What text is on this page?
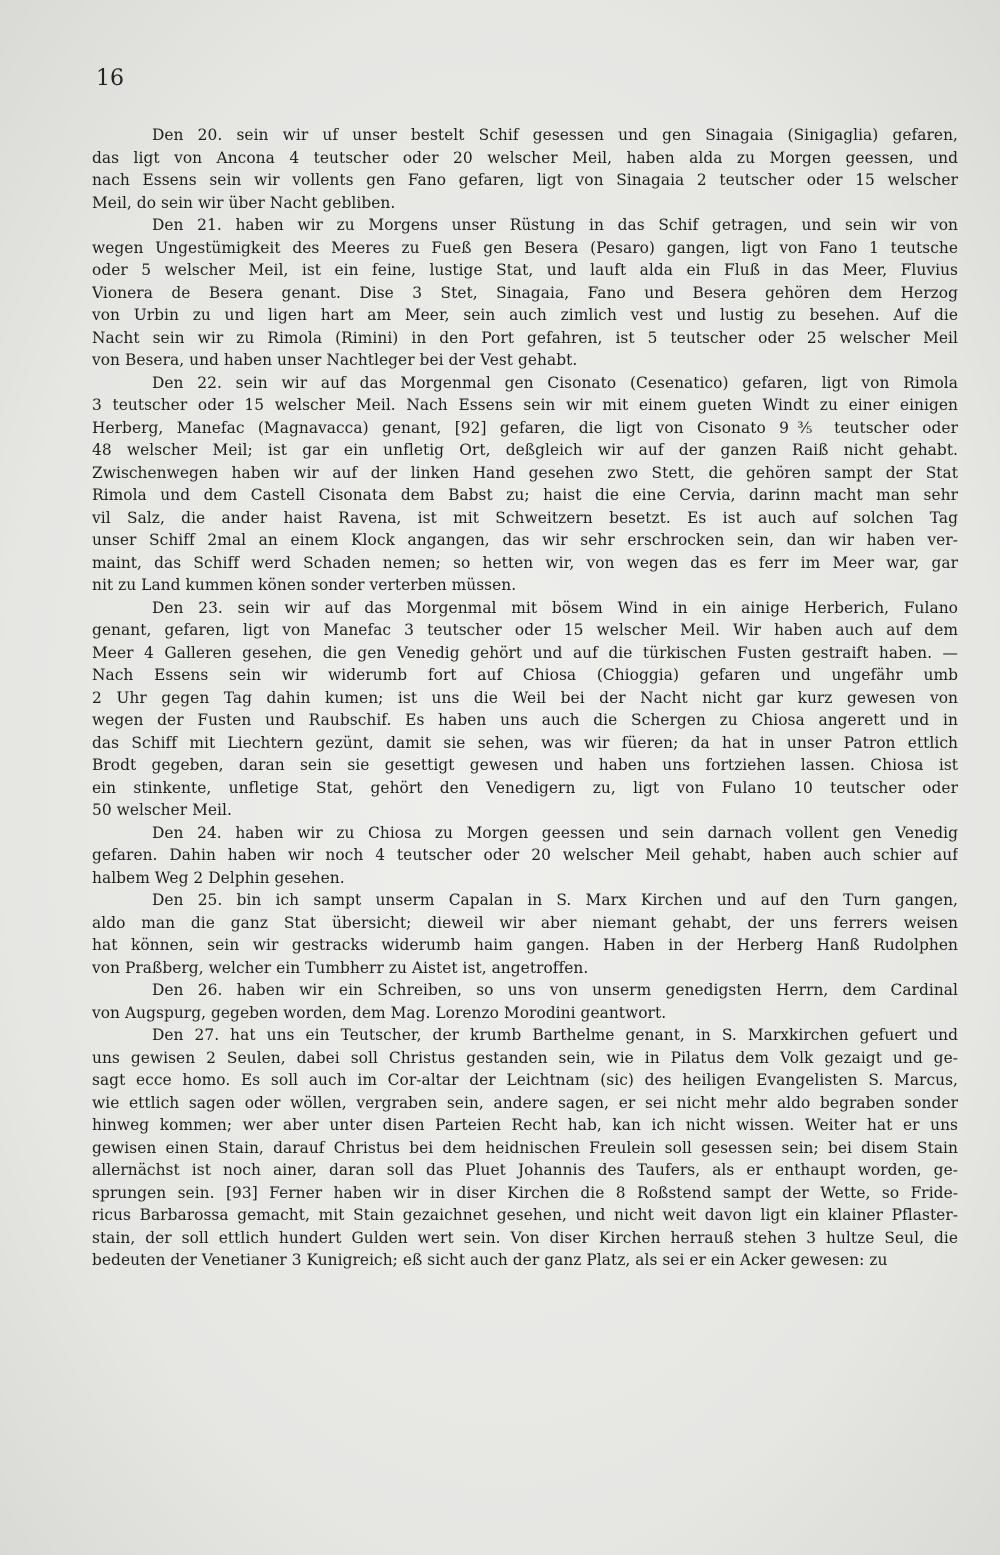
16
Den 20. sein wir uf unser bestelt Schif gesessen und gen Sinagaia (Sinigaglia) gefaren,
das ligt von Ancona 4 teutscher oder 20 welscher Meil, haben alda zu Morgen geessen, und
nach Essens sein wir vollents gen Fano gefaren, ligt von Sinagaia 2 teutscher oder 15 welscher
Meil, do sein wir über Nacht gebliben.
Den 21. haben wir zu Morgens unser Rüstung in das Schif getragen, und sein wir von
wegen Ungestümigkeit des Meeres zu Fueß gen Besera (Pesaro) gangen, ligt von Fano 1 teutsche
oder 5 welscher Meil, ist ein feine, lustige Stat, und lauft alda ein Fluß in das Meer, Fluvius
Vionera de Besera genant. Dise 3 Stet, Sinagaia, Fano und Besera gehören dem Herzog
von Urbin zu und ligen hart am Meer, sein auch zimlich vest und lustig zu besehen. Auf die
Nacht sein wir zu Rimola (Rimini) in den Port gefahren, ist 5 teutscher oder 25 welscher Meil
von Besera, und haben unser Nachtleger bei der Vest gehabt.
Den 22. sein wir auf das Morgenmal gen Cisonato (Cesenatico) gefaren, ligt von Rimola
3 teutscher oder 15 welscher Meil. Nach Essens sein wir mit einem gueten Windt zu einer einigen
Herberg, Manefac (Magnavacca) genant, [92] gefaren, die ligt von Cisonato 9⅗ teutscher oder
48 welscher Meil; ist gar ein unfletig Ort, deßgleich wir auf der ganzen Raiß nicht gehabt.
Zwischenwegen haben wir auf der linken Hand gesehen zwo Stett, die gehören sampt der Stat
Rimola und dem Castell Cisonata dem Babst zu; haist die eine Cervia, darinn macht man sehr
vil Salz, die ander haist Ravena, ist mit Schweitzern besetzt. Es ist auch auf solchen Tag
unser Schiff 2mal an einem Klock angangen, das wir sehr erschrocken sein, dan wir haben ver-
maint, das Schiff werd Schaden nemen; so hetten wir, von wegen das es ferr im Meer war, gar
nit zu Land kummen könen sonder verterben müssen.
Den 23. sein wir auf das Morgenmal mit bösem Wind in ein ainige Herberich, Fulano
genant, gefaren, ligt von Manefac 3 teutscher oder 15 welscher Meil. Wir haben auch auf dem
Meer 4 Galleren gesehen, die gen Venedig gehört und auf die türkischen Fusten gestraift haben. —
Nach Essens sein wir widerumb fort auf Chiosa (Chioggia) gefaren und ungefähr umb
2 Uhr gegen Tag dahin kumen; ist uns die Weil bei der Nacht nicht gar kurz gewesen von
wegen der Fusten und Raubschif. Es haben uns auch die Schergen zu Chiosa angerett und in
das Schiff mit Liechtern gezünt, damit sie sehen, was wir füeren; da hat in unser Patron ettlich
Brodt gegeben, daran sein sie gesettigt gewesen und haben uns fortziehen lassen. Chiosa ist
ein stinkente, unfletige Stat, gehört den Venedigern zu, ligt von Fulano 10 teutscher oder
50 welscher Meil.
Den 24. haben wir zu Chiosa zu Morgen geessen und sein darnach vollent gen Venedig
gefaren. Dahin haben wir noch 4 teutscher oder 20 welscher Meil gehabt, haben auch schier auf
halbem Weg 2 Delphin gesehen.
Den 25. bin ich sampt unserm Capalan in S. Marx Kirchen und auf den Turn gangen,
aldo man die ganz Stat übersicht; dieweil wir aber niemant gehabt, der uns ferrers weisen
hat können, sein wir gestracks widerumb haim gangen. Haben in der Herberg Hanß Rudolphen
von Praßberg, welcher ein Tumbherr zu Aistet ist, angetroffen.
Den 26. haben wir ein Schreiben, so uns von unserm genedigsten Herrn, dem Cardinal
von Augspurg, gegeben worden, dem Mag. Lorenzo Morodini geantwort.
Den 27. hat uns ein Teutscher, der krumb Barthelme genant, in S. Marxkirchen gefuert und
uns gewisen 2 Seulen, dabei soll Christus gestanden sein, wie in Pilatus dem Volk gezaigt und ge-
sagt ecce homo. Es soll auch im Cor-altar der Leichtnam (sic) des heiligen Evangelisten S. Marcus,
wie ettlich sagen oder wöllen, vergraben sein, andere sagen, er sei nicht mehr aldo begraben sonder
hinweg kommen; wer aber unter disen Parteien Recht hab, kan ich nicht wissen. Weiter hat er uns
gewisen einen Stain, darauf Christus bei dem heidnischen Freulein soll gesessen sein; bei disem Stain
allernächst ist noch ainer, daran soll das Pluet Johannis des Taufers, als er enthaupt worden, ge-
sprungen sein. [93] Ferner haben wir in diser Kirchen die 8 Roßstend sampt der Wette, so Fride-
ricus Barbarossa gemacht, mit Stain gezaichnet gesehen, und nicht weit davon ligt ein klainer Pflaster-
stain, der soll ettlich hundert Gulden wert sein. Von diser Kirchen herrauß stehen 3 hultze Seul, die
bedeuten der Venetianer 3 Kunigreich; eß sicht auch der ganz Platz, als sei er ein Acker gewesen: zu
